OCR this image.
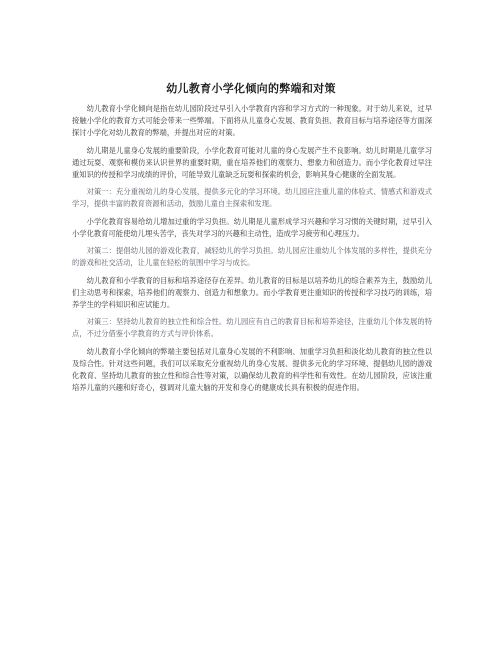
幼儿教育小学化倾向的弊端和对策

幼儿教育小学化倾向是指在幼儿园阶段过早引入小学教育内容和学习方式的一种现象。对于幼儿来说，过早接触小学化的教育方式可能会带来一些弊端。下面将从儿童身心发展、教育负担、教育目标与培养途径等方面深探讨小学化对幼儿教育的弊端，并提出对应的对策。

幼儿期是儿童身心发展的重要阶段，小学化教育可能对儿童的身心发展产生不良影响。幼儿时期是儿童学习通过玩耍、观察和模仿来认识世界的重要时期，重在培养他们的观察力、想象力和创造力。而小学化教育过早注重知识的传授和学习成绩的评价，可能导致儿童缺乏玩耍和探索的机会，影响其身心健康的全面发展。

对策一：充分重视幼儿的身心发展，提供多元化的学习环境。幼儿园应注重儿童的体验式、情感式和游戏式学习，提供丰富的教育资源和活动，鼓励儿童自主探索和发现。

小学化教育容易给幼儿增加过重的学习负担。幼儿期是儿童形成学习兴趣和学习习惯的关键时期，过早引入小学化教育可能使幼儿埋头苦学，丧失对学习的兴趣和主动性，造成学习疲劳和心理压力。

对策二：提倡幼儿园的游戏化教育，减轻幼儿的学习负担。幼儿园应注重幼儿个体发展的多样性，提供充分的游戏和社交活动，让儿童在轻松的氛围中学习与成长。

幼儿教育和小学教育的目标和培养途径存在差异。幼儿教育的目标是以培养幼儿的综合素养为主，鼓励幼儿们主动思考和探索，培养他们的观察力、创造力和想象力。而小学教育更注重知识的传授和学习技巧的训练，培养学生的学科知识和应试能力。

对策三：坚持幼儿教育的独立性和综合性。幼儿园应有自己的教育目标和培养途径，注重幼儿个体发展的特点，不过分借鉴小学教育的方式与评价体系。

幼儿教育小学化倾向的弊端主要包括对儿童身心发展的不利影响、加重学习负担和淡化幼儿教育的独立性以及综合性。针对这些问题，我们可以采取充分重视幼儿的身心发展、提供多元化的学习环境、提倡幼儿园的游戏化教育、坚持幼儿教育的独立性和综合性等对策，以确保幼儿教育的科学性和有效性。在幼儿园阶段，应该注重培养儿童的兴趣和好奇心，强调对儿童大脑的开发和身心的健康成长具有积极的促进作用。
